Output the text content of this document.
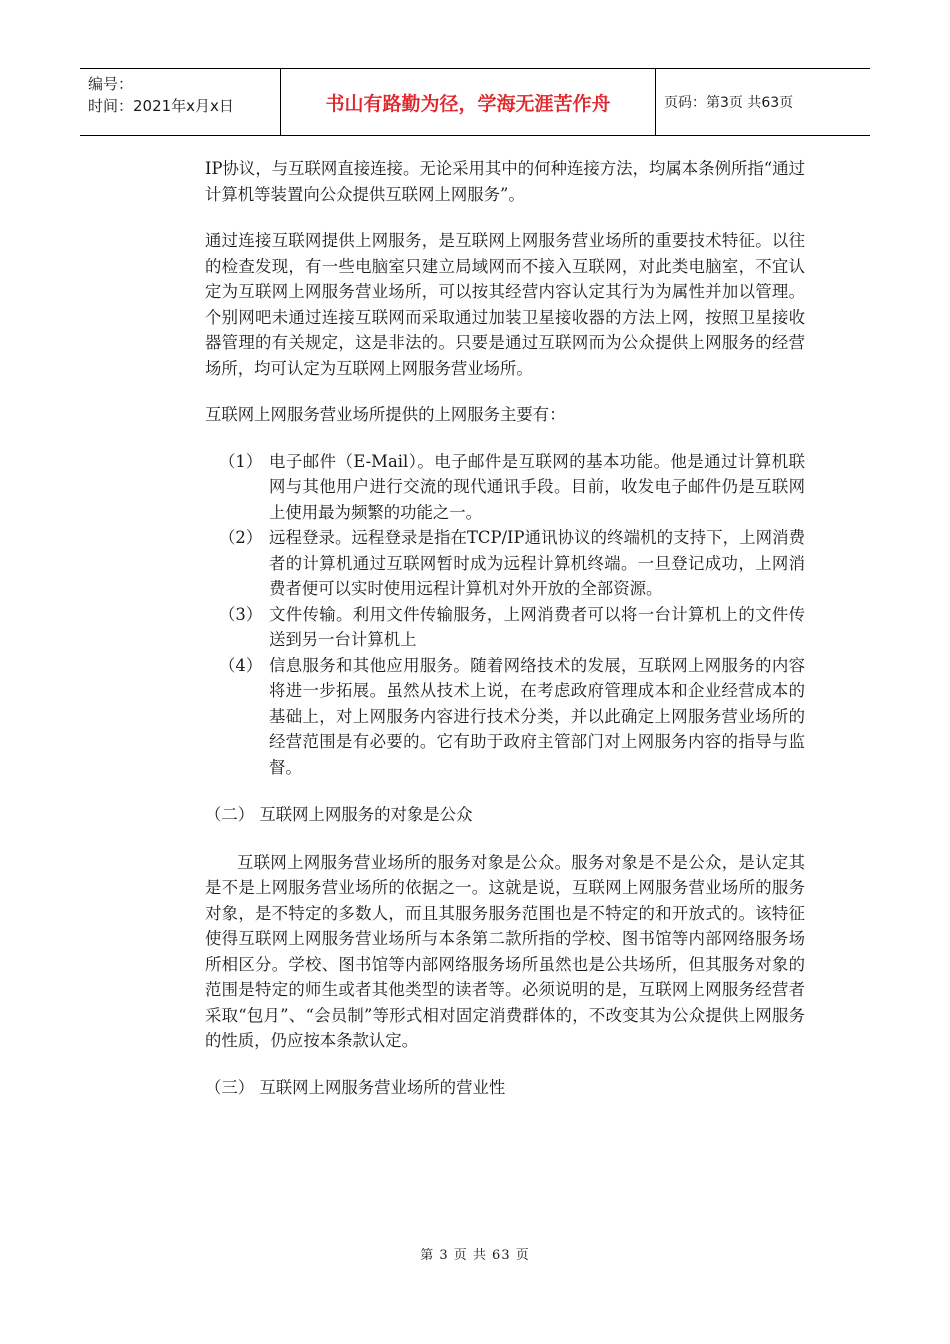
编号：
时间：2021年x月x日	书山有路勤为径，学海无涯苦作舟	页码：第3页 共63页

IP协议，与互联网直接连接。无论采用其中的何种连接方法，均属本条例所指“通过计算机等装置向公众提供互联网上网服务”。

通过连接互联网提供上网服务，是互联网上网服务营业场所的重要技术特征。以往的检查发现，有一些电脑室只建立局域网而不接入互联网，对此类电脑室，不宜认定为互联网上网服务营业场所，可以按其经营内容认定其行为为属性并加以管理。个别网吧未通过连接互联网而采取通过加装卫星接收器的方法上网，按照卫星接收器管理的有关规定，这是非法的。只要是通过互联网而为公众提供上网服务的经营场所，均可认定为互联网上网服务营业场所。

互联网上网服务营业场所提供的上网服务主要有：

（1） 电子邮件（E-Mail）。电子邮件是互联网的基本功能。他是通过计算机联网与其他用户进行交流的现代通讯手段。目前，收发电子邮件仍是互联网上使用最为频繁的功能之一。
（2） 远程登录。远程登录是指在TCP/IP通讯协议的终端机的支持下，上网消费者的计算机通过互联网暂时成为远程计算机终端。一旦登记成功，上网消费者便可以实时使用远程计算机对外开放的全部资源。
（3） 文件传输。利用文件传输服务，上网消费者可以将一台计算机上的文件传送到另一台计算机上
（4） 信息服务和其他应用服务。随着网络技术的发展，互联网上网服务的内容将进一步拓展。虽然从技术上说，在考虑政府管理成本和企业经营成本的基础上，对上网服务内容进行技术分类，并以此确定上网服务营业场所的经营范围是有必要的。它有助于政府主管部门对上网服务内容的指导与监督。
（二） 互联网上网服务的对象是公众

互联网上网服务营业场所的服务对象是公众。服务对象是不是公众，是认定其是不是上网服务营业场所的依据之一。这就是说，互联网上网服务营业场所的服务对象，是不特定的多数人，而且其服务服务范围也是不特定的和开放式的。该特征使得互联网上网服务营业场所与本条第二款所指的学校、图书馆等内部网络服务场所相区分。学校、图书馆等内部网络服务场所虽然也是公共场所，但其服务对象的范围是特定的师生或者其他类型的读者等。必须说明的是，互联网上网服务经营者采取“包月”、“会员制”等形式相对固定消费群体的，不改变其为公众提供上网服务的性质，仍应按本条款认定。

（三） 互联网上网服务营业场所的营业性
第 3 页 共 63 页
